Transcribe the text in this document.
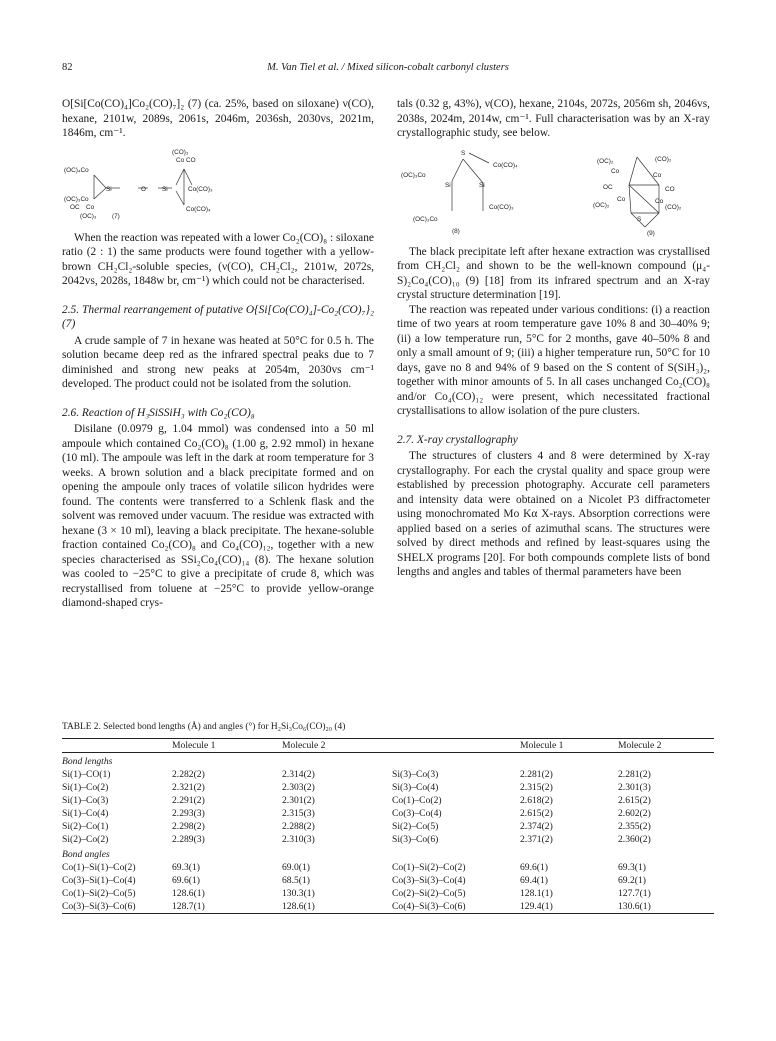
82	M. Van Tiel et al. / Mixed silicon-cobalt carbonyl clusters

O[Si[Co(CO)₄]Co₂(CO)₇]₂ (7) (ca. 25%, based on siloxane) ν(CO), hexane, 2101w, 2089s, 2061s, 2046m, 2036sh, 2030vs, 2021m, 1846m, cm⁻¹.

(CO)₃
Co CO
(OC)₄Co
Si	O	Si	Co(CO)₃
(OC)₃Co
OC Co
(OC)₃ (7)
Co(CO)₄

When the reaction was repeated with a lower Co₂(CO)₈ : siloxane ratio (2 : 1) the same products were found together with a yellow-brown CH₂Cl₂-soluble species, (ν(CO), CH₂Cl₂, 2101w, 2072s, 2042vs, 2028s, 1848w br, cm⁻¹) which could not be characterised.

2.5. Thermal rearrangement of putative O{Si[Co(CO)₄]-Co₂(CO)₇}₂ (7)

A crude sample of 7 in hexane was heated at 50°C for 0.5 h. The solution became deep red as the infrared spectral peaks due to 7 diminished and strong new peaks at 2054m, 2030vs cm⁻¹ developed. The product could not be isolated from the solution.

2.6. Reaction of H₃SiSSiH₃ with Co₂(CO)₈

Disilane (0.0979 g, 1.04 mmol) was condensed into a 50 ml ampoule which contained Co₂(CO)₈ (1.00 g, 2.92 mmol) in hexane (10 ml). The ampoule was left in the dark at room temperature for 3 weeks. A brown solution and a black precipitate formed and on opening the ampoule only traces of volatile silicon hydrides were found. The contents were transferred to a Schlenk flask and the solvent was removed under vacuum. The residue was extracted with hexane (3 × 10 ml), leaving a black precipitate. The hexane-soluble fraction contained Co₂(CO)₈ and Co₄(CO)₁₂, together with a new species characterised as SSi₂Co₄(CO)₁₄ (8). The hexane solution was cooled to −25°C to give a precipitate of crude 8, which was recrystallised from toluene at −25°C to provide yellow-orange diamond-shaped crys-

tals (0.32 g, 43%), ν(CO), hexane, 2104s, 2072s, 2056m sh, 2046vs, 2038s, 2024m, 2014w, cm⁻¹. Full characterisation was by an X-ray crystallographic study, see below.

S
(OC)₃Co
Si
Co(CO)₄
Si
Co(CO)₃
(OC)₃Co
(8)
(OC)₂
Co
(CO)₂
Co
OC	CO
(OC)₂
Co	Co
(CO)₂
S
(9)

The black precipitate left after hexane extraction was crystallised from CH₂Cl₂ and shown to be the well-known compound (μ₄-S)₂Co₄(CO)₁₀ (9) [18] from its infrared spectrum and an X-ray crystal structure determination [19].

The reaction was repeated under various conditions: (i) a reaction time of two years at room temperature gave 10% 8 and 30–40% 9; (ii) a low temperature run, 5°C for 2 months, gave 40–50% 8 and only a small amount of 9; (iii) a higher temperature run, 50°C for 10 days, gave no 8 and 94% of 9 based on the S content of S(SiH₃)₂, together with minor amounts of 5. In all cases unchanged Co₂(CO)₈ and/or Co₄(CO)₁₂ were present, which necessitated fractional crystallisations to allow isolation of the pure clusters.

2.7. X-ray crystallography

The structures of clusters 4 and 8 were determined by X-ray crystallography. For each the crystal quality and space group were established by precession photography. Accurate cell parameters and intensity data were obtained on a Nicolet P3 diffractometer using monochromated Mo Kα X-rays. Absorption corrections were applied based on a series of azimuthal scans. The structures were solved by direct methods and refined by least-squares using the SHELX programs [20]. For both compounds complete lists of bond lengths and angles and tables of thermal parameters have been

TABLE 2. Selected bond lengths (Å) and angles (°) for H₂Si₃Co₆(CO)₂₀ (4)
	Molecule 1	Molecule 2		Molecule 1	Molecule 2
Bond lengths					
Si(1)–CO(1)	2.282(2)	2.314(2)	Si(3)–Co(3)	2.281(2)	2.281(2)
Si(1)–Co(2)	2.321(2)	2.303(2)	Si(3)–Co(4)	2.315(2)	2.301(3)
Si(1)–Co(3)	2.291(2)	2.301(2)	Co(1)–Co(2)	2.618(2)	2.615(2)
Si(1)–Co(4)	2.293(3)	2.315(3)	Co(3)–Co(4)	2.615(2)	2.602(2)
Si(2)–Co(1)	2.298(2)	2.288(2)	Si(2)–Co(5)	2.374(2)	2.355(2)
Si(2)–Co(2)	2.289(3)	2.310(3)	Si(3)–Co(6)	2.371(2)	2.360(2)
Bond angles					
Co(1)–Si(1)–Co(2)	69.3(1)	69.0(1)	Co(1)–Si(2)–Co(2)	69.6(1)	69.3(1)
Co(3)–Si(1)–Co(4)	69.6(1)	68.5(1)	Co(3)–Si(3)–Co(4)	69.4(1)	69.2(1)
Co(1)–Si(2)–Co(5)	128.6(1)	130.3(1)	Co(2)–Si(2)–Co(5)	128.1(1)	127.7(1)
Co(3)–Si(3)–Co(6)	128.7(1)	128.6(1)	Co(4)–Si(3)–Co(6)	129.4(1)	130.6(1)
